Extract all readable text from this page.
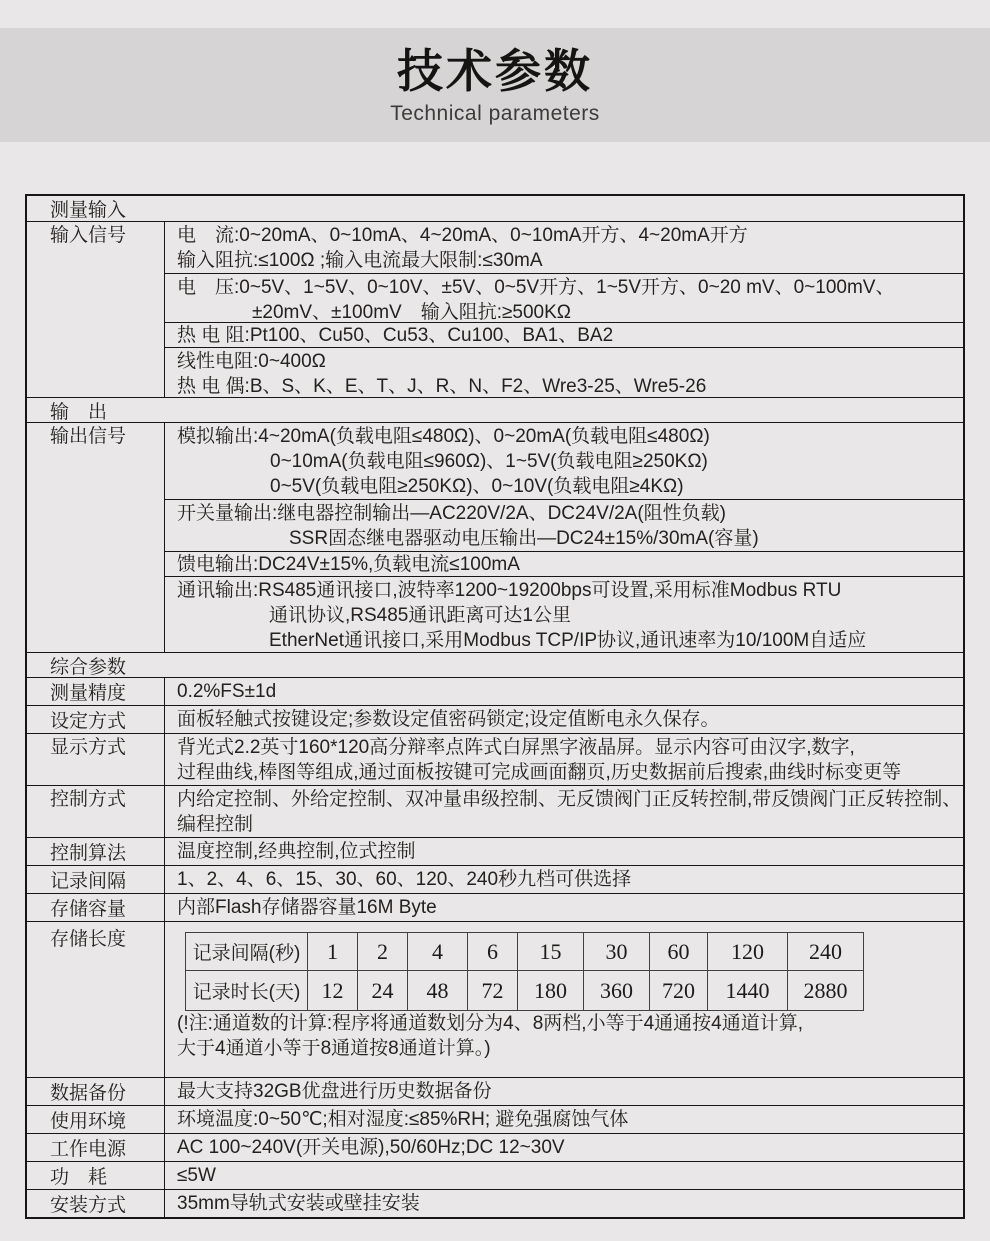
技术参数
Technical parameters
测量输入
输入信号	电　流:0~20mA、0~10mA、4~20mA、0~10mA开方、4~20mA开方

输入阻抗:≤100Ω ;输入电流最大限制:≤30mA

电　压:0~5V、1~5V、0~10V、±5V、0~5V开方、1~5V开方、0~20 mV、0~100mV、

±20mV、±100mV　输入阻抗:≥500KΩ

热 电 阻:Pt100、Cu50、Cu53、Cu100、BA1、BA2

线性电阻:0~400Ω

热 电 偶:B、S、K、E、T、J、R、N、F2、Wre3-25、Wre5-26

输　出
输出信号	模拟输出:4~20mA(负载电阻≤480Ω)、0~20mA(负载电阻≤480Ω)

0~10mA(负载电阻≤960Ω)、1~5V(负载电阻≥250KΩ)

0~5V(负载电阻≥250KΩ)、0~10V(负载电阻≥4KΩ)

开关量输出:继电器控制输出—AC220V/2A、DC24V/2A(阻性负载)

SSR固态继电器驱动电压输出—DC24±15%/30mA(容量)

馈电输出:DC24V±15%,负载电流≤100mA

通讯输出:RS485通讯接口,波特率1200~19200bps可设置,采用标准Modbus RTU

通讯协议,RS485通讯距离可达1公里

EtherNet通讯接口,采用Modbus TCP/IP协议,通讯速率为10/100M自适应

综合参数
测量精度	0.2%FS±1d

设定方式	面板轻触式按键设定;参数设定值密码锁定;设定值断电永久保存。

显示方式	背光式2.2英寸160*120高分辩率点阵式白屏黑字液晶屏。显示内容可由汉字,数字,

过程曲线,棒图等组成,通过面板按键可完成画面翻页,历史数据前后搜索,曲线时标变更等

控制方式	内给定控制、外给定控制、双冲量串级控制、无反馈阀门正反转控制,带反馈阀门正反转控制、

编程控制

控制算法	温度控制,经典控制,位式控制

记录间隔	1、2、4、6、15、30、60、120、240秒九档可供选择

存储容量	内部Flash存储器容量16M Byte

存储长度
记录间隔(秒)	1	2	4	6	15	30	60	120	240
记录时长(天)	12	24	48	72	180	360	720	1440	2880

(!注:通道数的计算:程序将通道数划分为4、8两档,小等于4通通按4通道计算,

大于4通道小等于8通道按8通道计算。)

数据备份	最大支持32GB优盘进行历史数据备份

使用环境	环境温度:0~50℃;相对湿度:≤85%RH; 避免强腐蚀气体

工作电源	AC 100~240V(开关电源),50/60Hz;DC 12~30V

功　耗	≤5W

安装方式	35mm导轨式安装或壁挂安装
